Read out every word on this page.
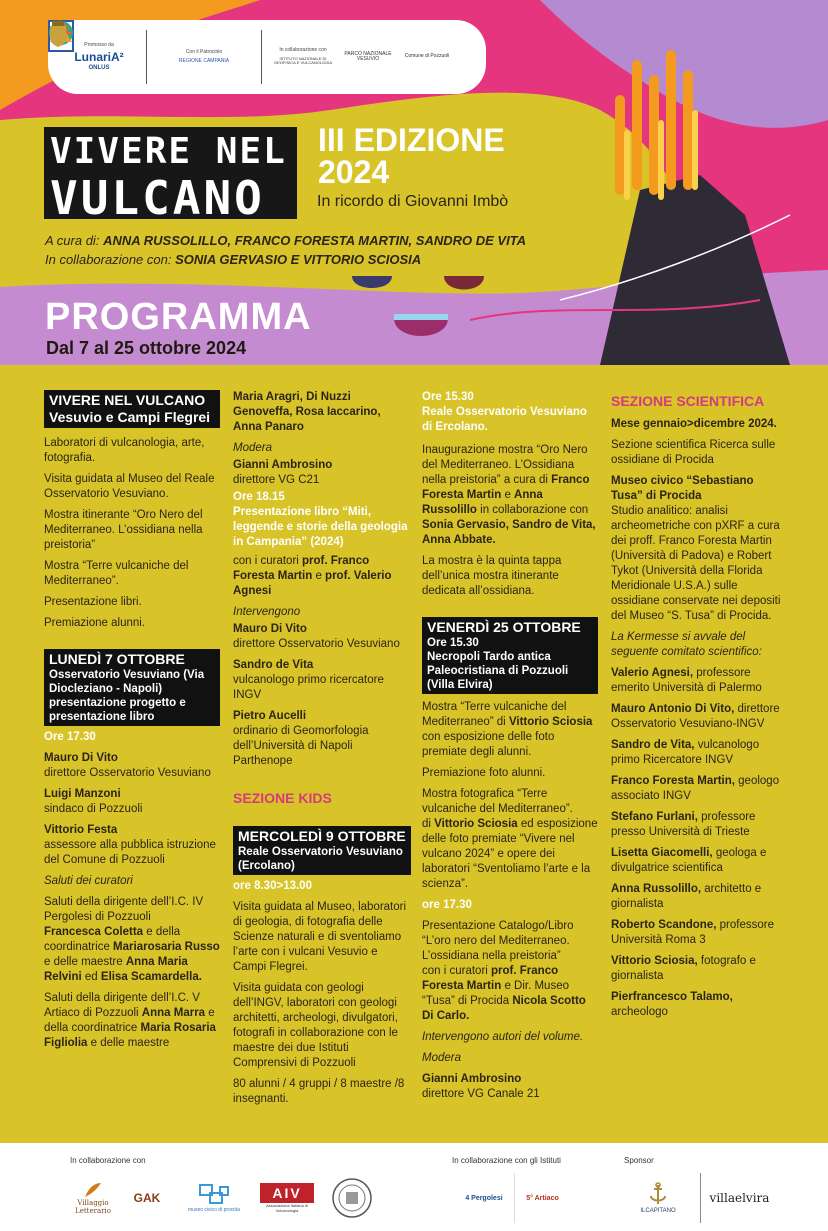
Promosso da
LunariA²
ONLUS
Con il Patrocinio
REGIONE CAMPANIA
In collaborazione con
ISTITUTO NAZIONALE DI GEOFISICA E VULCANOLOGIA
PARCO NAZIONALE VESUVIO	Comune di Pozzuoli
VIVERE NEL
VULCANO
III EDIZIONE
2024
In ricordo di Giovanni Imbò
A cura di: ANNA RUSSOLILLO, FRANCO FORESTA MARTIN, SANDRO DE VITA
In collaborazione con: SONIA GERVASIO E VITTORIO SCIOSIA
PROGRAMMA
Dal 7 al 25 ottobre 2024
VIVERE NEL VULCANO
Vesuvio e Campi Flegrei

Laboratori di vulcanologia, arte, fotografia.

Visita guidata al Museo del Reale Osservatorio Vesuviano.

Mostra itinerante “Oro Nero del Mediterraneo. L’ossidiana nella preistoria”

Mostra “Terre vulcaniche del Mediterraneo”.

Presentazione libri.

Premiazione alunni.

LUNEDÌ 7 OTTOBRE
Osservatorio Vesuviano (Via Diocleziano - Napoli) presentazione progetto e presentazione libro
Ore 17.30
Mauro Di Vito

direttore Osservatorio Vesuviano

Luigi Manzoni

sindaco di Pozzuoli

Vittorio Festa

assessore alla pubblica istruzione del Comune di Pozzuoli

Saluti dei curatori

Saluti della dirigente dell’I.C. IV Pergolesi di Pozzuoli

Francesca Coletta e della coordinatrice Mariarosaria Russo e delle maestre Anna Maria Relvini ed Elisa Scamardella.

Saluti della dirigente dell’I.C. V Artiaco di Pozzuoli Anna Marra e della coordinatrice Maria Rosaria Figliolia e delle maestre

Maria Aragri, Di Nuzzi Genoveffa, Rosa Iaccarino, Anna Panaro

Modera

Gianni Ambrosino

direttore VG C21

Ore 18.15
Presentazione libro “Miti, leggende e storie della geologia in Campania” (2024)

con i curatori prof. Franco Foresta Martin e prof. Valerio Agnesi

Intervengono

Mauro Di Vito

direttore Osservatorio Vesuviano

Sandro de Vita

vulcanologo primo ricercatore INGV

Pietro Aucelli

ordinario di Geomorfologia dell’Università di Napoli Parthenope

SEZIONE KIDS
MERCOLEDÌ 9 OTTOBRE
Reale Osservatorio Vesuviano (Ercolano)
ore 8.30>13.00

Visita guidata al Museo, laboratori di geologia, di fotografia delle Scienze naturali e di sventoliamo l’arte con i vulcani Vesuvio e Campi Flegrei.

Visita guidata con geologi dell’INGV, laboratori con geologi architetti, archeologi, divulgatori, fotografi in collaborazione con le maestre dei due Istituti Comprensivi di Pozzuoli

80 alunni / 4 gruppi / 8 maestre /8 insegnanti.

Ore 15.30
Reale Osservatorio Vesuviano di Ercolano.

Inaugurazione mostra “Oro Nero del Mediterraneo. L’Ossidiana nella preistoria” a cura di Franco Foresta Martin e Anna Russolillo in collaborazione con Sonia Gervasio, Sandro de Vita, Anna Abbate.

La mostra è la quinta tappa dell’unica mostra itinerante dedicata all’ossidiana.

VENERDÌ 25 OTTOBRE
Ore 15.30
Necropoli Tardo antica Paleocristiana di Pozzuoli (Villa Elvira)

Mostra “Terre vulcaniche del Mediterraneo” di Vittorio Sciosia con esposizione delle foto premiate degli alunni.

Premiazione foto alunni.

Mostra fotografica “Terre vulcaniche del Mediterraneo”.

di Vittorio Sciosia ed esposizione delle foto premiate “Vivere nel vulcano 2024” e opere dei laboratori “Sventoliamo l’arte e la scienza”.

ore 17.30
Presentazione Catalogo/Libro “L’oro nero del Mediterraneo. L’ossidiana nella preistoria”

con i curatori prof. Franco Foresta Martin e Dir. Museo “Tusa” di Procida Nicola Scotto Di Carlo.

Intervengono autori del volume.

Modera

Gianni Ambrosino

direttore VG Canale 21

SEZIONE SCIENTIFICA

Mese gennaio>dicembre 2024.

Sezione scientifica Ricerca sulle ossidiane di Procida

Museo civico “Sebastiano Tusa” di Procida

Studio analitico: analisi archeometriche con pXRF a cura dei proff. Franco Foresta Martin (Università di Padova) e Robert Tykot (Università della Florida Meridionale U.S.A.) sulle ossidiane conservate nei depositi del Museo “S. Tusa” di Procida.

La Kermesse si avvale del seguente comitato scientifico:

Valerio Agnesi, professore emerito Università di Palermo

Mauro Antonio Di Vito, direttore Osservatorio Vesuviano-INGV

Sandro de Vita, vulcanologo primo Ricercatore INGV

Franco Foresta Martin, geologo associato INGV

Stefano Furlani, professore presso Università di Trieste

Lisetta Giacomelli, geologa e divulgatrice scientifica

Anna Russolillo, architetto e giornalista

Roberto Scandone, professore Università Roma 3

Vittorio Sciosia, fotografo e giornalista

Pierfrancesco Talamo, archeologo

In collaborazione con	In collaborazione con gli Istituti	Sponsor
Villaggio Letterario
GAK
museo civico di procida
AIV
Associazione Italiana di Vulcanologia
4 Pergolesi	5° Artiaco
ILCAPITANO
villaelvira
